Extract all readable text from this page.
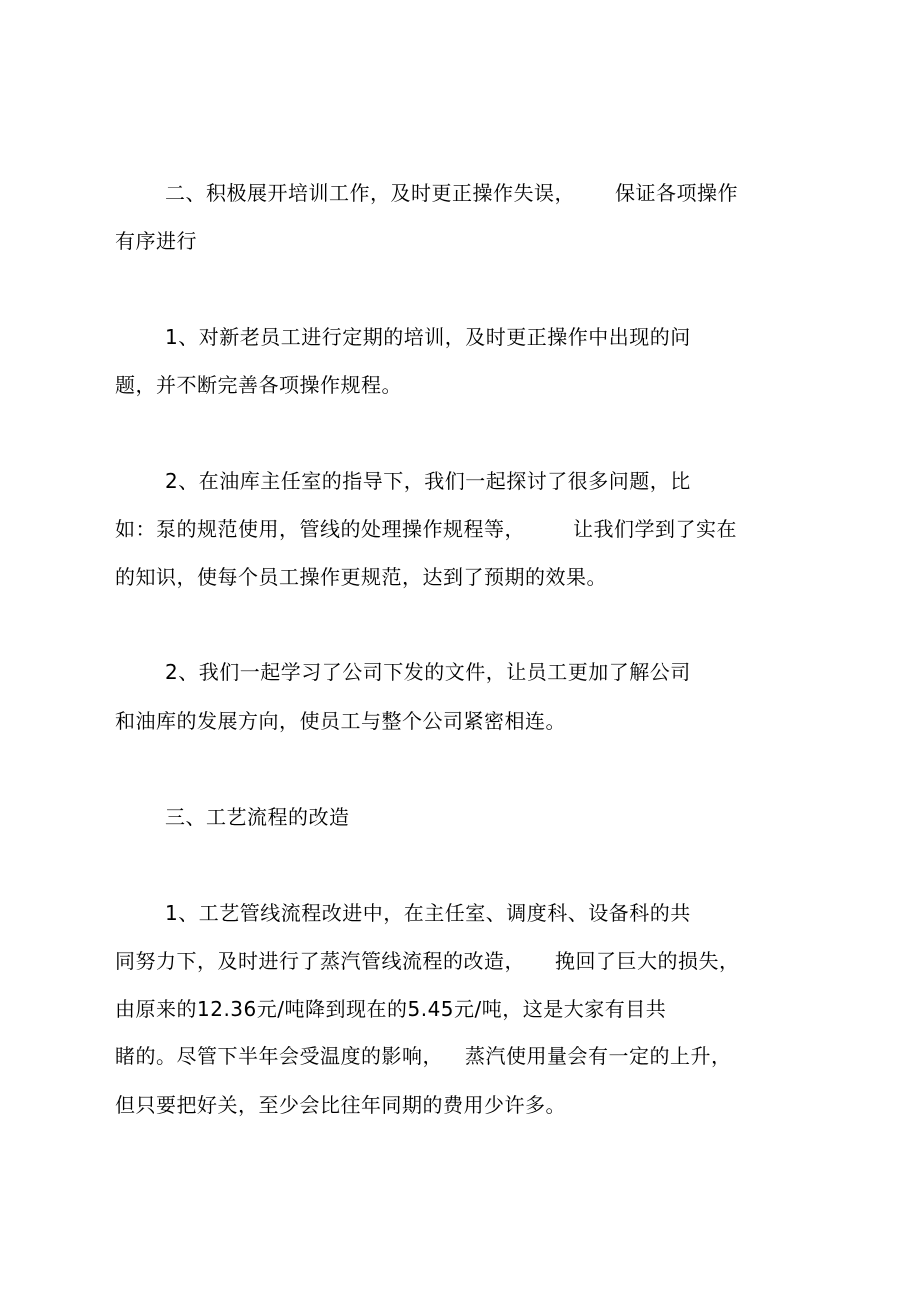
二、积极展开培训工作，及时更正操作失误， 保证各项操作
有序进行
1、对新老员工进行定期的培训，及时更正操作中出现的问
题，并不断完善各项操作规程。
2、在油库主任室的指导下，我们一起探讨了很多问题，比
如：泵的规范使用，管线的处理操作规程等， 让我们学到了实在
的知识，使每个员工操作更规范，达到了预期的效果。
2、我们一起学习了公司下发的文件，让员工更加了解公司
和油库的发展方向，使员工与整个公司紧密相连。
三、工艺流程的改造
1、工艺管线流程改进中，在主任室、调度科、设备科的共
同努力下，及时进行了蒸汽管线流程的改造， 挽回了巨大的损失，
由原来的12.36元/吨降到现在的5.45元/吨，这是大家有目共
睹的。尽管下半年会受温度的影响， 蒸汽使用量会有一定的上升，
但只要把好关，至少会比往年同期的费用少许多。
